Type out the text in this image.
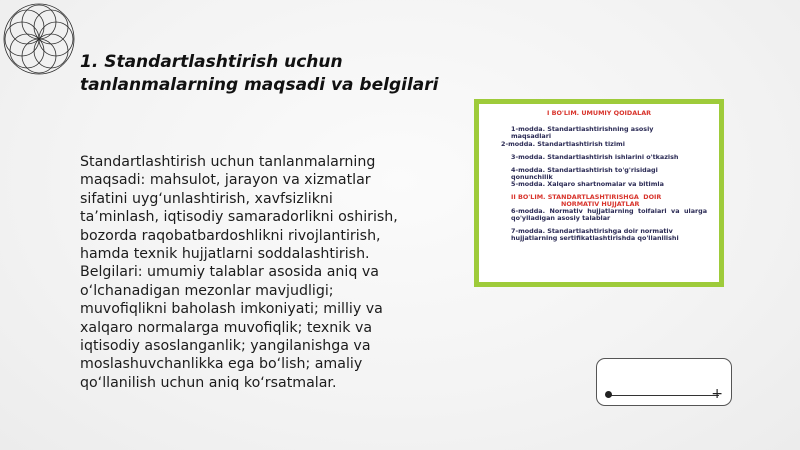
1. Standartlashtirish uchun tanlanmalarning maqsadi va belgilari

Standartlashtirish uchun tanlanmalarning maqsadi: mahsulot, jarayon va xizmatlar sifatini uyg‘unlashtirish, xavfsizlikni ta’minlash, iqtisodiy samaradorlikni oshirish, bozorda raqobatbardoshlikni rivojlantirish, hamda texnik hujjatlarni soddalashtirish. Belgilari: umumiy talablar asosida aniq va o‘lchanadigan mezonlar mavjudligi; muvofiqlikni baholash imkoniyati; milliy va xalqaro normalarga muvofiqlik; texnik va iqtisodiy asoslanganlik; yangilanishga va moslashuvchanlikka ega bo‘lish; amaliy qo‘llanilish uchun aniq ko‘rsatmalar.

I BO'LIM. UMUMIY QOIDALAR
1-modda. Standartlashtirishning asosiy
maqsadlari
2-modda. Standartlashtirish tizimi
3-modda. Standartlashtirish ishlarini o'tkazish
4-modda. Standartlashtirish to'g'risidagi
qonunchilik
5-modda. Xalqaro shartnomalar va bitimla
II BO'LIM. STANDARTLASHTIRISHGA  DOIR
NORMATIV HUJJATLAR
6-modda.  Normativ  hujjatlarning  toifalari  va  ularga
qo'yiladigan asosiy talablar
7-modda. Standartlashtirishga doir normativ
hujjatlarning sertifikatlashtirishda qo'llanilishi
+
